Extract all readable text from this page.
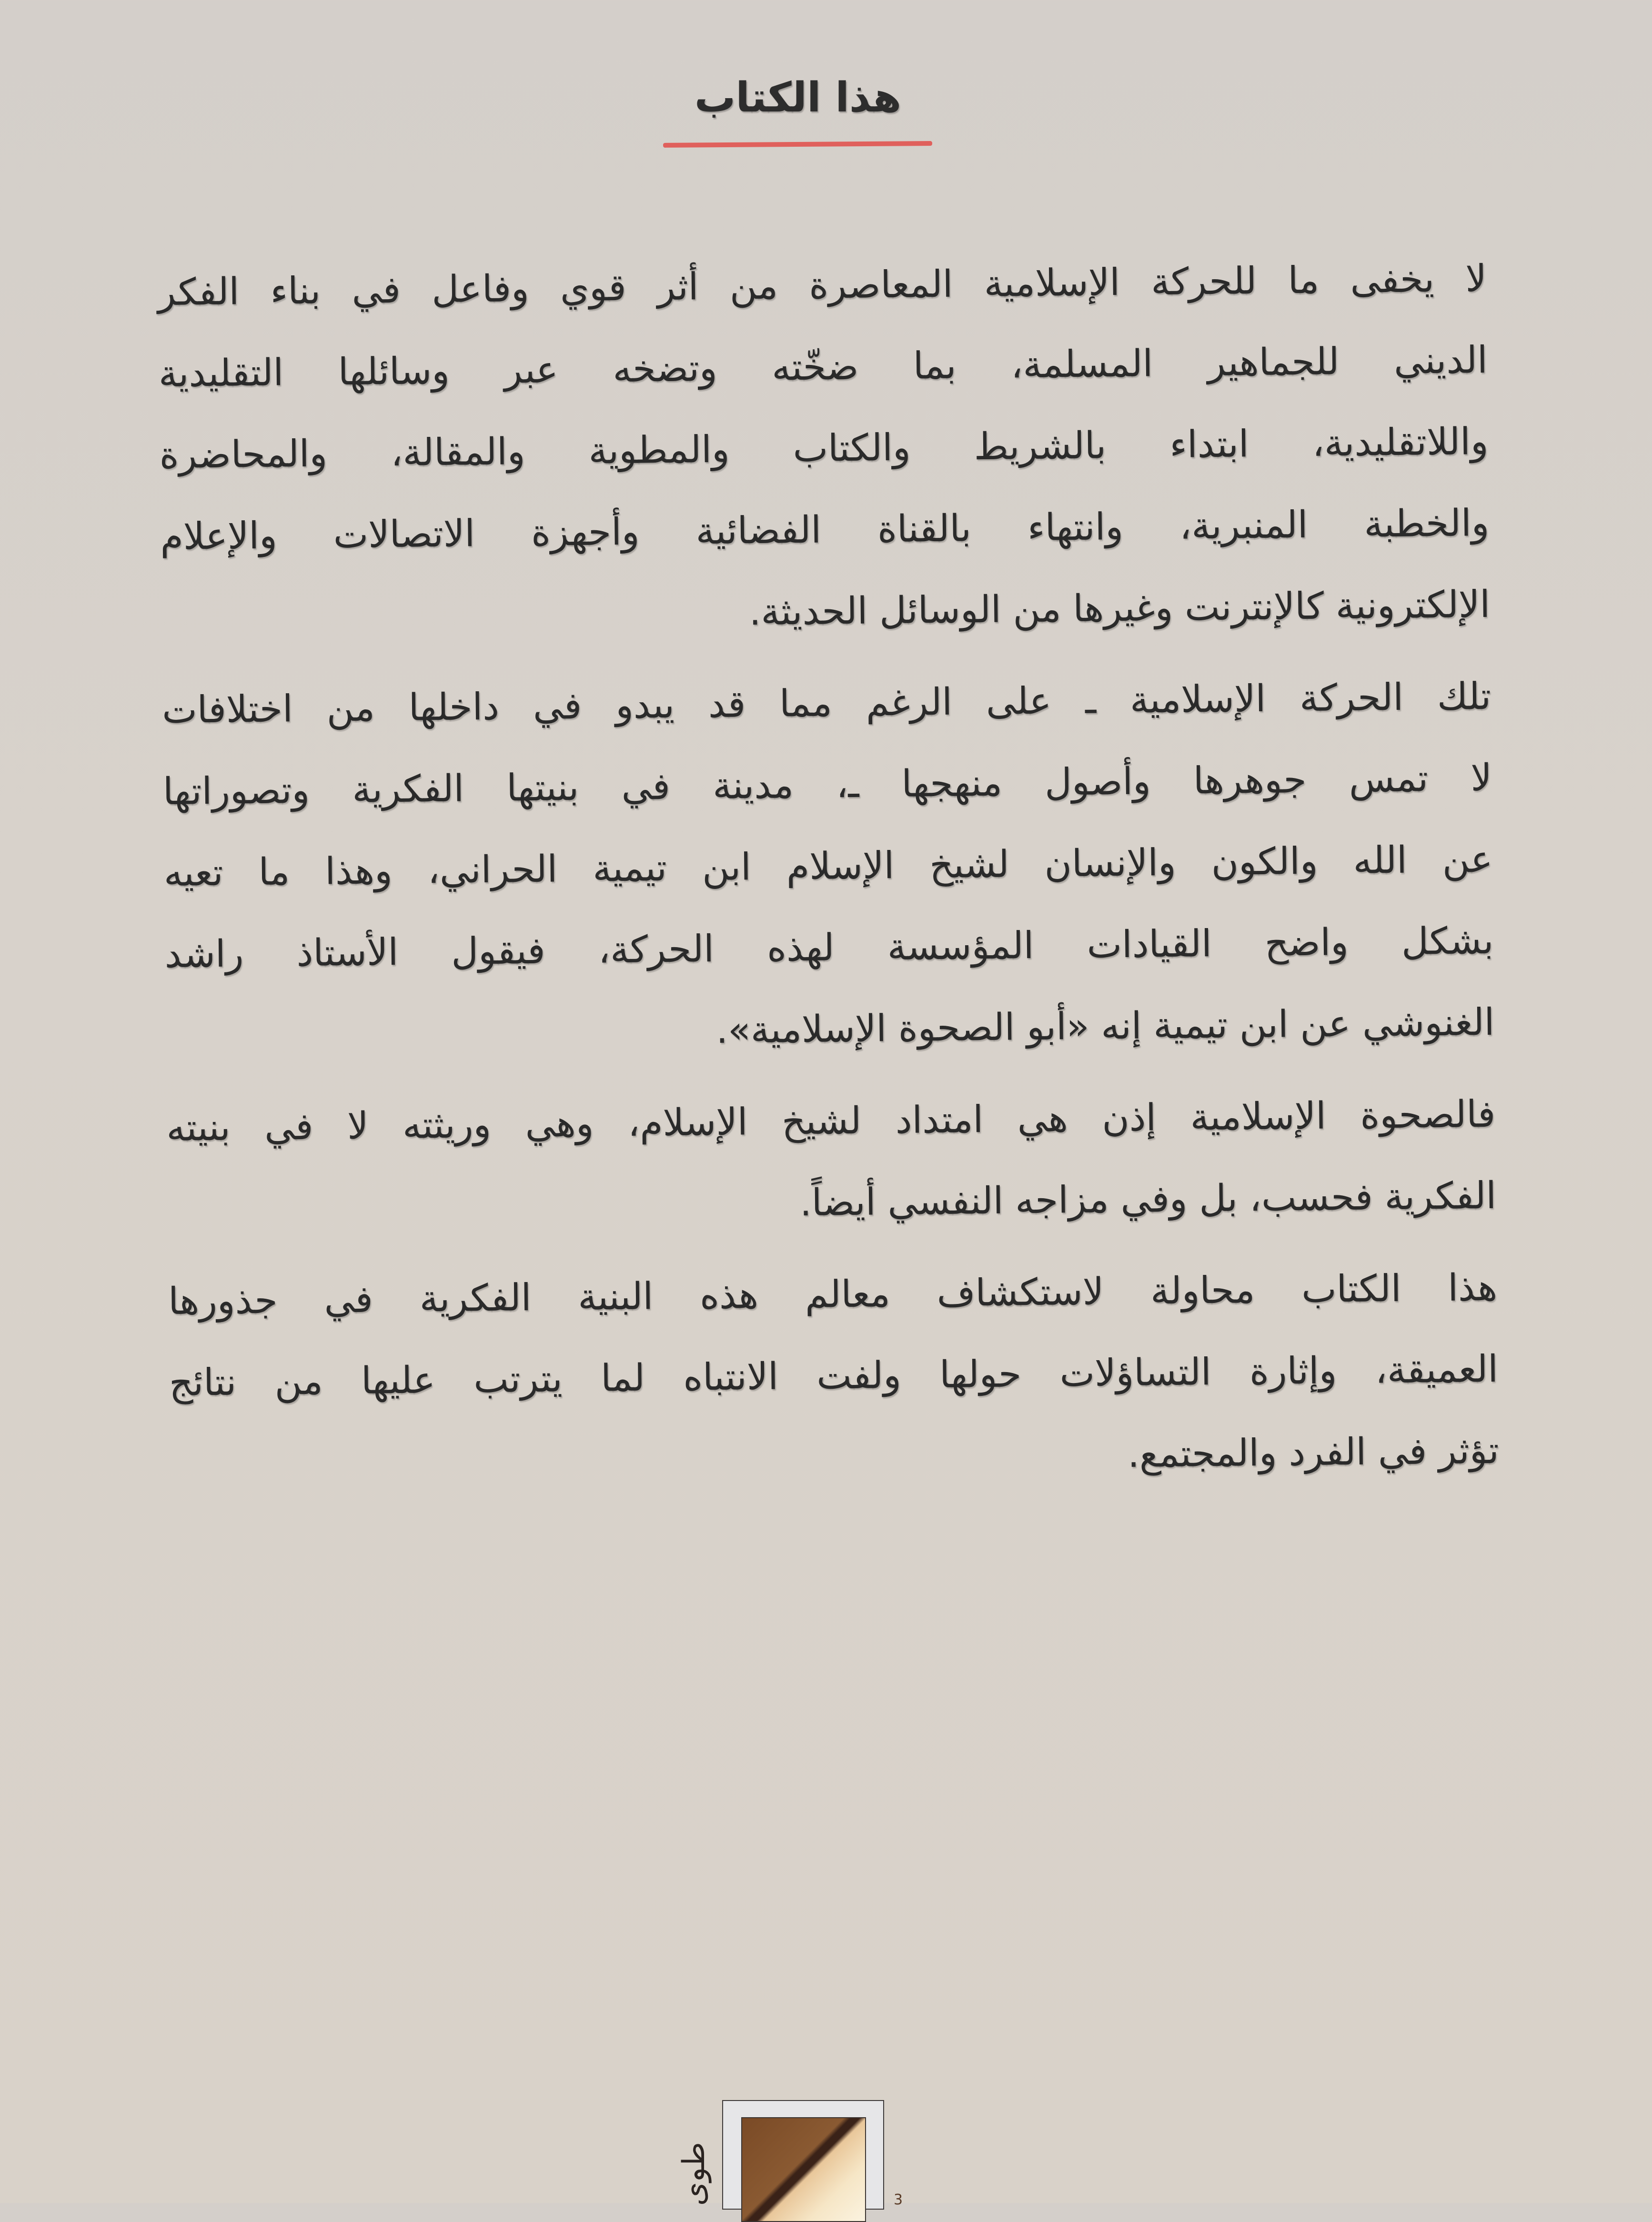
هذا الكتاب
لا يخفى ما للحركة الإسلامية المعاصرة من أثر قوي وفاعل في بناء الفكر
الديني للجماهير المسلمة، بما ضخّته وتضخه عبر وسائلها التقليدية
واللاتقليدية، ابتداء بالشريط والكتاب والمطوية والمقالة، والمحاضرة
والخطبة المنبرية، وانتهاء بالقناة الفضائية وأجهزة الاتصالات والإعلام
الإلكترونية كالإنترنت وغيرها من الوسائل الحديثة.
تلك الحركة الإسلامية ـ على الرغم مما قد يبدو في داخلها من اختلافات
لا تمس جوهرها وأصول منهجها ـ، مدينة في بنيتها الفكرية وتصوراتها
عن الله والكون والإنسان لشيخ الإسلام ابن تيمية الحراني، وهذا ما تعيه
بشكل واضح القيادات المؤسسة لهذه الحركة، فيقول الأستاذ راشد
الغنوشي عن ابن تيمية إنه «أبو الصحوة الإسلامية».
فالصحوة الإسلامية إذن هي امتداد لشيخ الإسلام، وهي وريثته لا في بنيته
الفكرية فحسب، بل وفي مزاجه النفسي أيضاً.
هذا الكتاب محاولة لاستكشاف معالم هذه البنية الفكرية في جذورها
العميقة، وإثارة التساؤلات حولها ولفت الانتباه لما يترتب عليها من نتائج
تؤثر في الفرد والمجتمع.
طوى	3
